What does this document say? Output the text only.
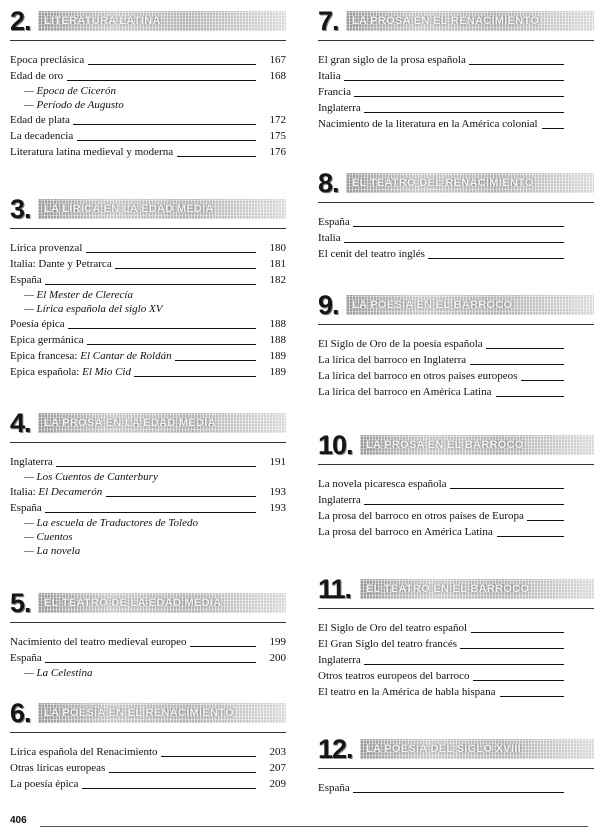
2. LITERATURA LATINA
Epoca preclásica	167
Edad de oro	168
— Epoca de Cicerón
— Período de Augusto
Edad de plata	172
La decadencia	175
Literatura latina medieval y moderna	176
3. LA LÍRICA EN LA EDAD MEDIA
Lírica provenzal	180
Italia: Dante y Petrarca	181
España	182
— El Mester de Clerecía
— Lírica española del siglo XV
Poesía épica	188
Epica germánica	188
Epica francesa: El Cantar de Roldán	189
Epica española: El Mio Cid	189
4. LA PROSA EN LA EDAD MEDIA
Inglaterra	191
— Los Cuentos de Canterbury
Italia: El Decamerón	193
España	193
— La escuela de Traductores de Toledo
— Cuentos
— La novela
5. EL TEATRO DE LA EDAD MEDIA
Nacimiento del teatro medieval europeo	199
España	200
— La Celestina
6. LA POESÍA EN EL RENACIMIENTO
Lírica española del Renacimiento	203
Otras líricas europeas	207
La poesía épica	209
7. LA PROSA EN EL RENACIMIENTO
El gran siglo de la prosa española
Italia
Francia
Inglaterra
Nacimiento de la literatura en la América colonial
8. EL TEATRO DEL RENACIMIENTO
España
Italia
El cenit del teatro inglés
9. LA POESÍA EN EL BARROCO
El Siglo de Oro de la poesía española
La lírica del barroco en Inglaterra
La lírica del barroco en otros países europeos
La lírica del barroco en América Latina
10. LA PROSA EN EL BARROCO
La novela picaresca española
Inglaterra
La prosa del barroco en otros países de Europa
La prosa del barroco en América Latina
11. EL TEATRO EN EL BARROCO
El Siglo de Oro del teatro español
El Gran Siglo del teatro francés
Inglaterra
Otros teatros europeos del barroco
El teatro en la América de habla hispana
12. LA POESÍA DEL SIGLO XVIII
España
406
